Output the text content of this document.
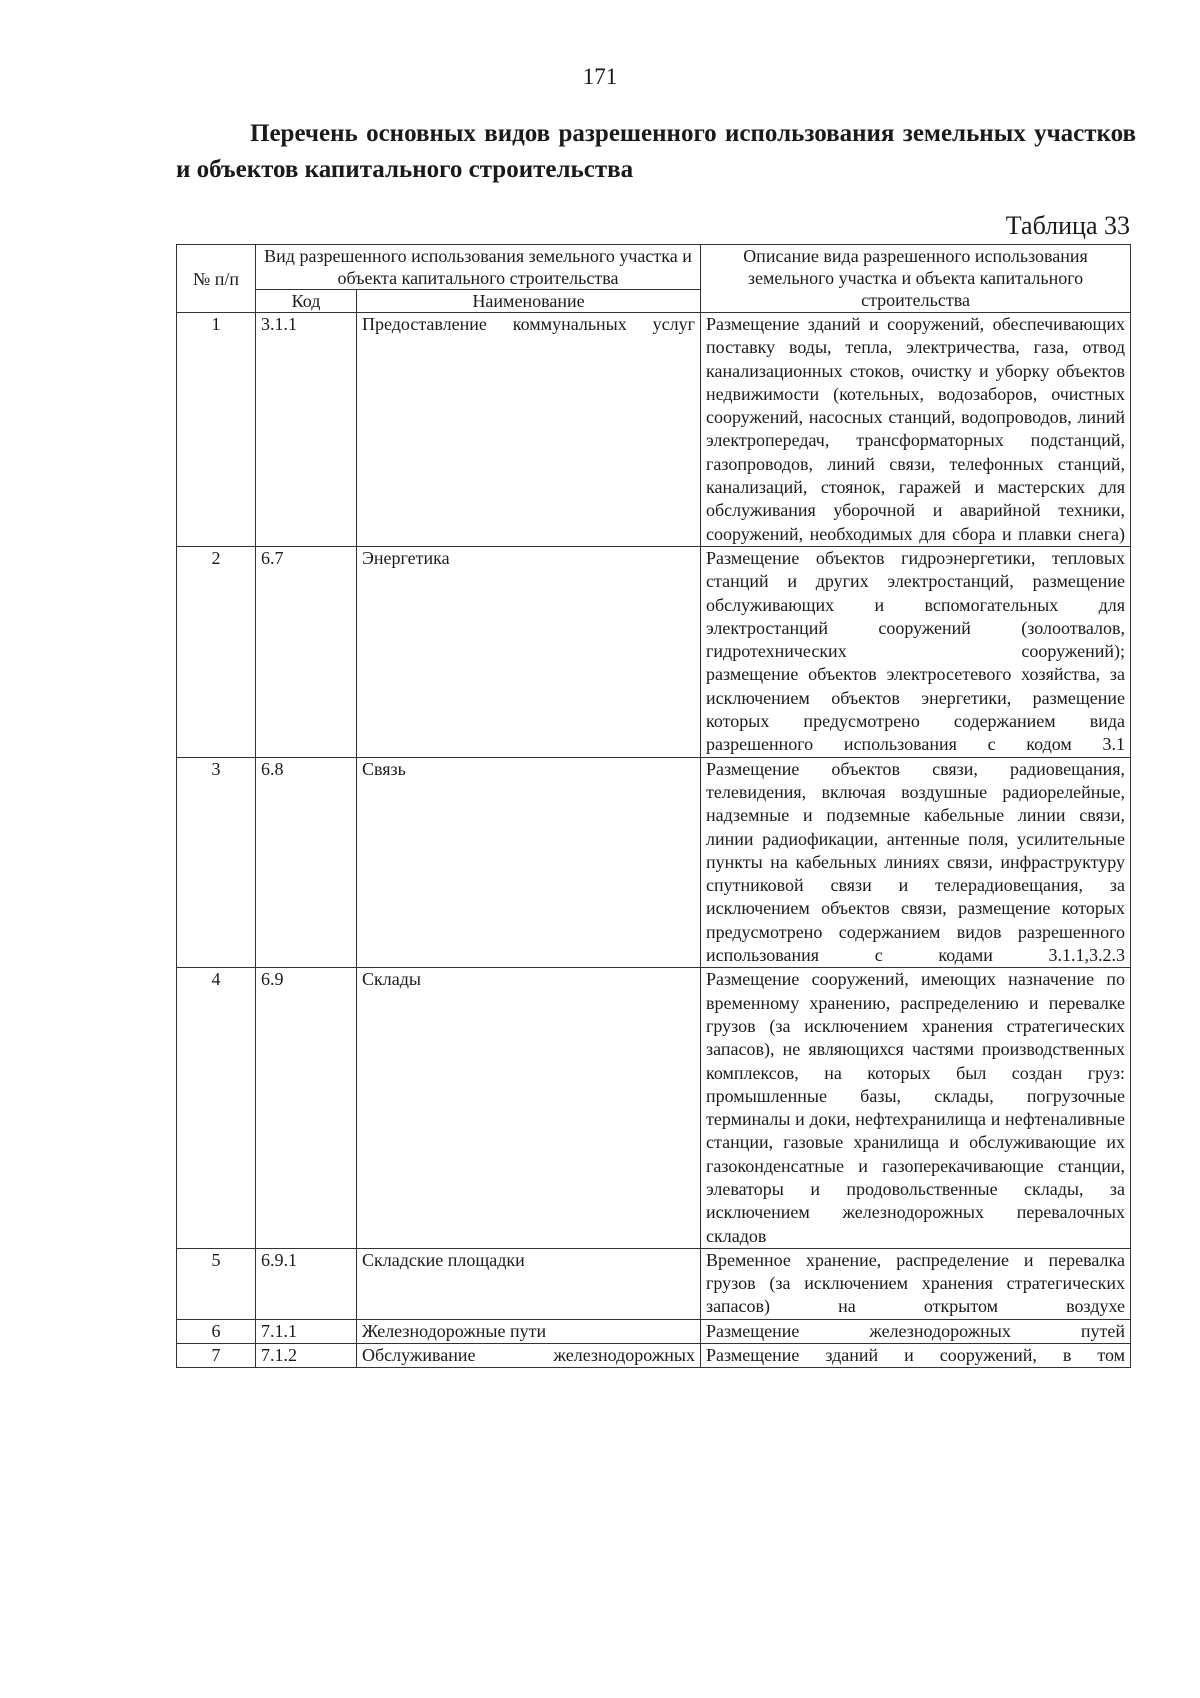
171
Перечень основных видов разрешенного использования земельных участков и объектов капитального строительства
Таблица 33
№ п/п	Вид разрешенного использования земельного участка и объекта капитального строительства		Описание вида разрешенного использования земельного участка и объекта капитального строительства
	Код	Наименование	
1	3.1.1	Предоставление коммунальных услуг	Размещение зданий и сооружений, обеспечивающих поставку воды, тепла, электричества, газа, отвод канализационных стоков, очистку и уборку объектов недвижимости (котельных, водозаборов, очистных сооружений, насосных станций, водопроводов, линий электропередач, трансформаторных подстанций, газопроводов, линий связи, телефонных станций, канализаций, стоянок, гаражей и мастерских для обслуживания уборочной и аварийной техники, сооружений, необходимых для сбора и плавки снега)
2	6.7	Энергетика	Размещение объектов гидроэнергетики, тепловых станций и других электростанций, размещение обслуживающих и вспомогательных для электростанций сооружений (золоотвалов, гидротехнических сооружений);
размещение объектов электросетевого хозяйства, за исключением объектов энергетики, размещение которых предусмотрено содержанием вида разрешенного использования с кодом 3.1

3	6.8	Связь	Размещение объектов связи, радиовещания, телевидения, включая воздушные радиорелейные, надземные и подземные кабельные линии связи, линии радиофикации, антенные поля, усилительные пункты на кабельных линиях связи, инфраструктуру спутниковой связи и телерадиовещания, за исключением объектов связи, размещение которых предусмотрено содержанием видов разрешенного использования с кодами 3.1.1,3.2.3
4	6.9	Склады	Размещение сооружений, имеющих назначение по временному хранению, распределению и перевалке грузов (за исключением хранения стратегических запасов), не являющихся частями производственных комплексов, на которых был создан груз: промышленные базы, склады, погрузочные терминалы и доки, нефтехранилища и нефтеналивные станции, газовые хранилища и обслуживающие их газоконденсатные и газоперекачивающие станции, элеваторы и продовольственные склады, за исключением железнодорожных перевалочных складов
5	6.9.1	Складские площадки	Временное хранение, распределение и перевалка грузов (за исключением хранения стратегических запасов) на открытом воздухе
6	7.1.1	Железнодорожные пути	Размещение железнодорожных путей
7	7.1.2	Обслуживание железнодорожных	Размещение зданий и сооружений, в том
